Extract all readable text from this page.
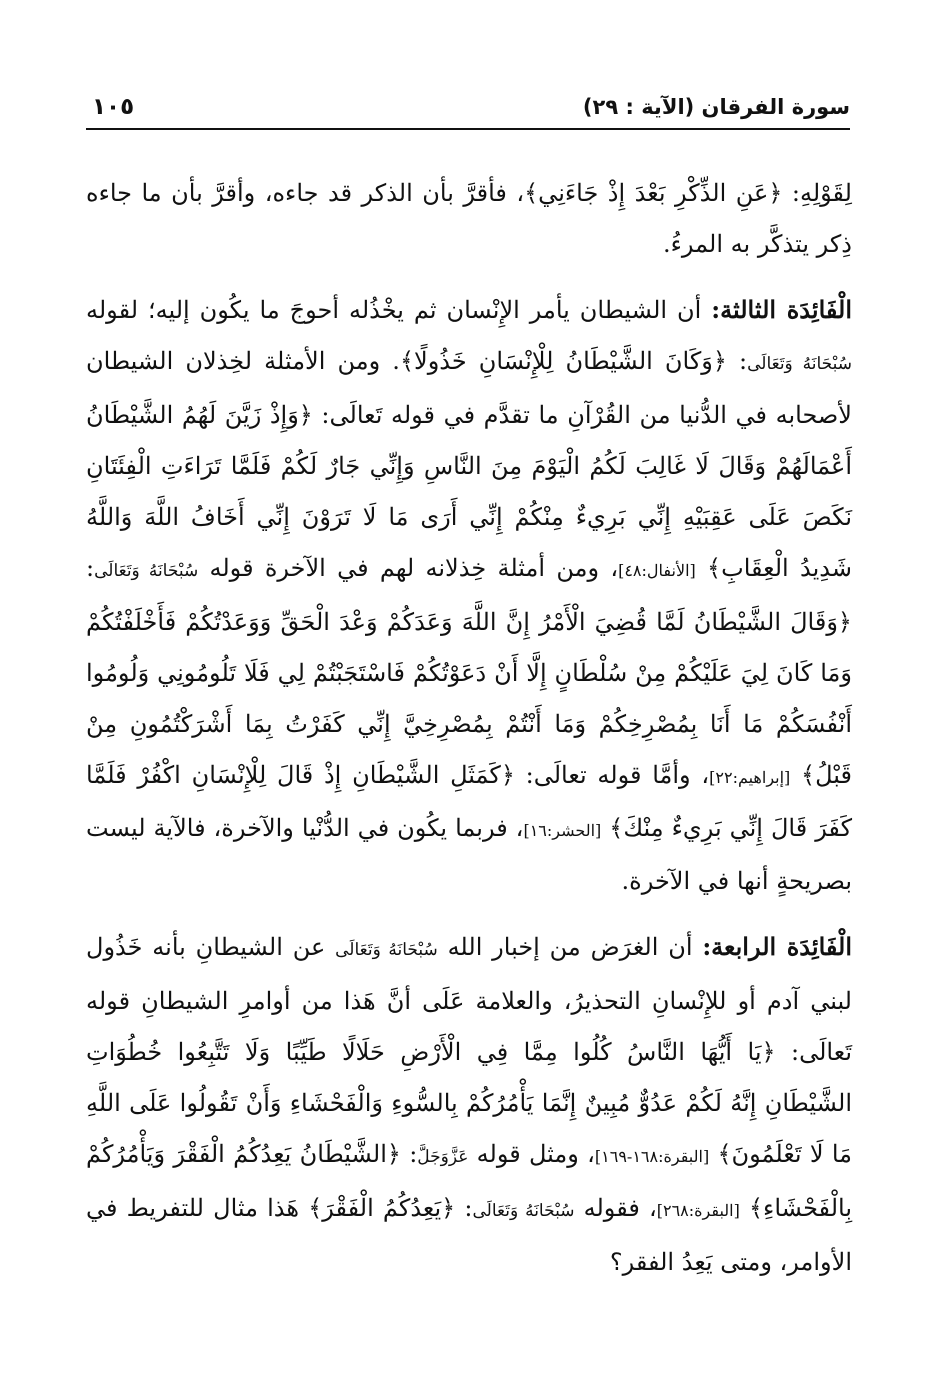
سورة الفرقان (الآية : ٢٩)
١٠٥

لِقَوْلِهِ: ﴿عَنِ الذِّكْرِ بَعْدَ إِذْ جَاءَنِي﴾، فأقرَّ بأن الذكر قد جاءه، وأقرَّ بأن ما جاءه ذِكر يتذكَّر به المرءُ.

الْفَائِدَة الثالثة: أن الشيطان يأمر الإِنْسان ثم يخْذُله أحوجَ ما يكُون إليه؛ لقوله سُبْحَانَهُ وَتَعَالَى: ﴿وَكَانَ الشَّيْطَانُ لِلْإِنْسَانِ خَذُولًا﴾. ومن الأمثلة لخِذلان الشيطان لأصحابه في الدُّنيا من القُرْآنِ ما تقدَّم في قوله تَعالَى: ﴿وَإِذْ زَيَّنَ لَهُمُ الشَّيْطَانُ أَعْمَالَهُمْ وَقَالَ لَا غَالِبَ لَكُمُ الْيَوْمَ مِنَ النَّاسِ وَإِنِّي جَارٌ لَكُمْ فَلَمَّا تَرَاءَتِ الْفِئَتَانِ نَكَصَ عَلَى عَقِبَيْهِ إِنِّي بَرِيءٌ مِنْكُمْ إِنِّي أَرَى مَا لَا تَرَوْنَ إِنِّي أَخَافُ اللَّهَ وَاللَّهُ شَدِيدُ الْعِقَابِ﴾ [الأنفال:٤٨]، ومن أمثلة خِذلانه لهم في الآخرة قوله سُبْحَانَهُ وَتَعَالَى: ﴿وَقَالَ الشَّيْطَانُ لَمَّا قُضِيَ الْأَمْرُ إِنَّ اللَّهَ وَعَدَكُمْ وَعْدَ الْحَقِّ وَوَعَدْتُكُمْ فَأَخْلَفْتُكُمْ وَمَا كَانَ لِيَ عَلَيْكُمْ مِنْ سُلْطَانٍ إِلَّا أَنْ دَعَوْتُكُمْ فَاسْتَجَبْتُمْ لِي فَلَا تَلُومُونِي وَلُومُوا أَنْفُسَكُمْ مَا أَنَا بِمُصْرِخِكُمْ وَمَا أَنْتُمْ بِمُصْرِخِيَّ إِنِّي كَفَرْتُ بِمَا أَشْرَكْتُمُونِ مِنْ قَبْلُ﴾ [إبراهيم:٢٢]، وأمَّا قوله تعالَى: ﴿كَمَثَلِ الشَّيْطَانِ إِذْ قَالَ لِلْإِنْسَانِ اكْفُرْ فَلَمَّا كَفَرَ قَالَ إِنِّي بَرِيءٌ مِنْكَ﴾ [الحشر:١٦]، فربما يكُون في الدُّنْيا والآخرة، فالآية ليست بصريحةٍ أنها في الآخرة.

الْفَائِدَة الرابعة: أن الغرَض من إخبار الله سُبْحَانَهُ وَتَعَالَى عن الشيطانِ بأنه خَذُول لبني آدم أو للإِنْسانِ التحذيرُ، والعلامة عَلَى أنَّ هَذا من أوامرِ الشيطانِ قوله تَعالَى: ﴿يَا أَيُّهَا النَّاسُ كُلُوا مِمَّا فِي الْأَرْضِ حَلَالًا طَيِّبًا وَلَا تَتَّبِعُوا خُطُوَاتِ الشَّيْطَانِ إِنَّهُ لَكُمْ عَدُوٌّ مُبِينٌ إِنَّمَا يَأْمُرُكُمْ بِالسُّوءِ وَالْفَحْشَاءِ وَأَنْ تَقُولُوا عَلَى اللَّهِ مَا لَا تَعْلَمُونَ﴾ [البقرة:١٦٨-١٦٩]، ومثل قوله عَزَّوَجَلَّ: ﴿الشَّيْطَانُ يَعِدُكُمُ الْفَقْرَ وَيَأْمُرُكُمْ بِالْفَحْشَاءِ﴾ [البقرة:٢٦٨]، فقوله سُبْحَانَهُ وَتَعَالَى: ﴿يَعِدُكُمُ الْفَقْرَ﴾ هَذا مثال للتفريط في الأوامر، ومتى يَعِدُ الفقر؟
